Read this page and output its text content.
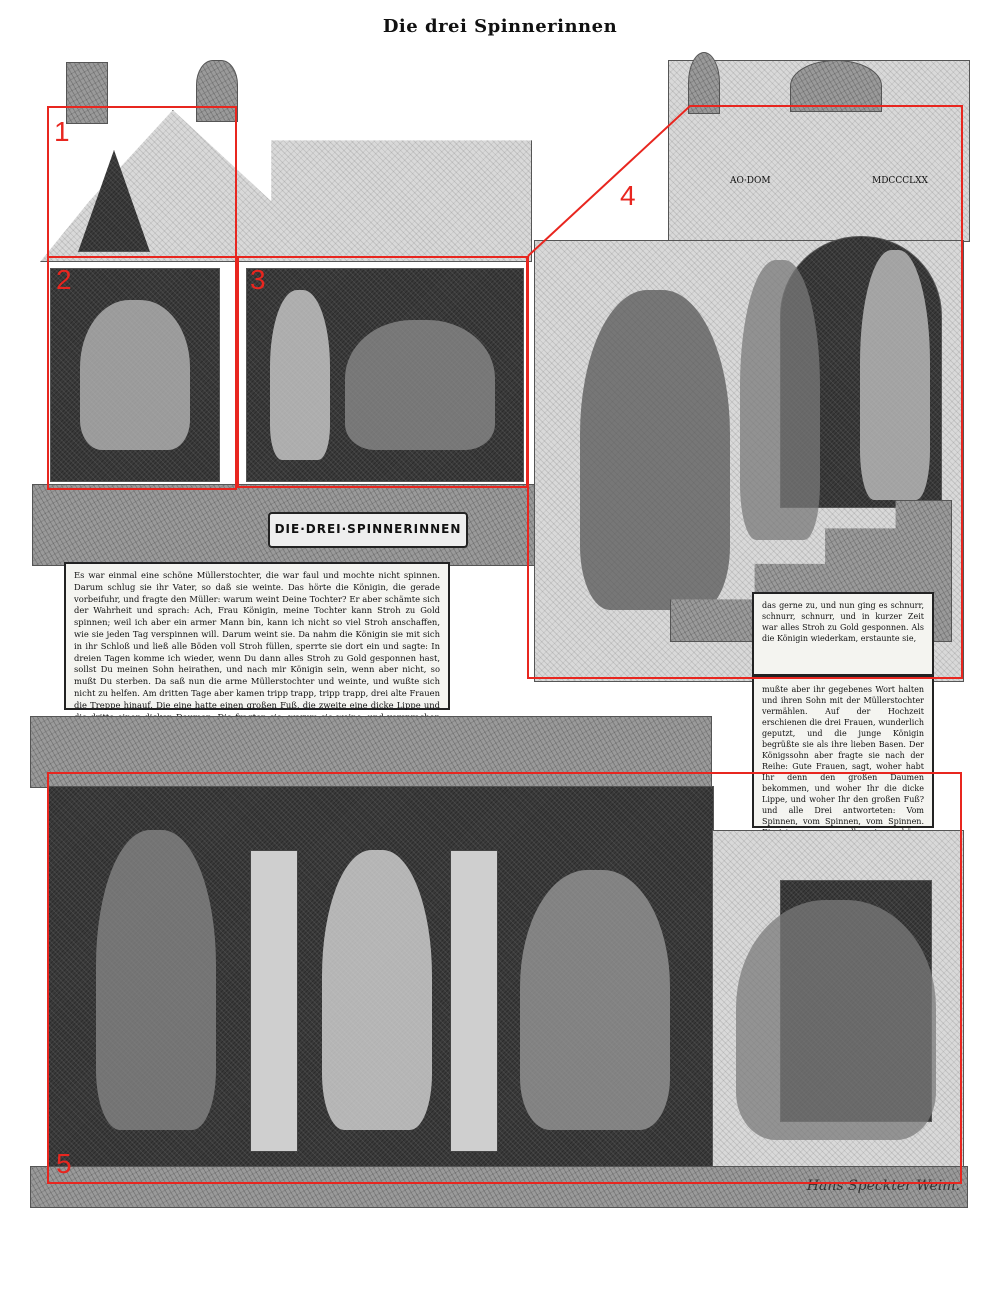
Die drei Spinnerinnen
AO·DOM	MDCCCLXX
DIE·DREI·SPINNERINNEN

Es war einmal eine schöne Müllerstochter, die war faul und mochte nicht spinnen. Darum schlug sie ihr Vater, so daß sie weinte. Das hörte die Königin, die gerade vorbeifuhr, und fragte den Müller: warum weint Deine Tochter? Er aber schämte sich der Wahrheit und sprach: Ach, Frau Königin, meine Tochter kann Stroh zu Gold spinnen; weil ich aber ein armer Mann bin, kann ich nicht so viel Stroh anschaffen, wie sie jeden Tag verspinnen will. Darum weint sie. Da nahm die Königin sie mit sich in ihr Schloß und ließ alle Böden voll Stroh füllen, sperrte sie dort ein und sagte: In dreien Tagen komme ich wieder, wenn Du dann alles Stroh zu Gold gesponnen hast, sollst Du meinen Sohn heirathen, und nach mir Königin sein, wenn aber nicht, so mußt Du sterben. Da saß nun die arme Müllerstochter und weinte, und wußte sich nicht zu helfen. Am dritten Tage aber kamen tripp trapp, tripp trapp, drei alte Frauen die Treppe hinauf. Die eine hatte einen großen Fuß, die zweite eine dicke Lippe und

das gerne zu, und nun ging es schnurr, schnurr, schnurr, und in kurzer Zeit war alles Stroh zu Gold gesponnen. Als die Königin wiederkam, erstaunte sie,

mußte aber ihr gegebenes Wort halten und ihren Sohn mit der Müllerstochter vermählen. Auf der Hochzeit erschienen die drei Frauen, wunderlich geputzt, und die junge Königin begrüßte sie als ihre lieben Basen. Der Königssohn aber fragte sie nach der Reihe: Gute Frauen, sagt, woher habt Ihr denn den großen Daumen bekommen, und woher Ihr die dicke Lippe, und woher Ihr den großen Fuß? und alle Drei antworteten: Vom Spinnen, vom Spinnen, vom Spinnen.

Hans Speckter Weim.
1
2	3
4
5
